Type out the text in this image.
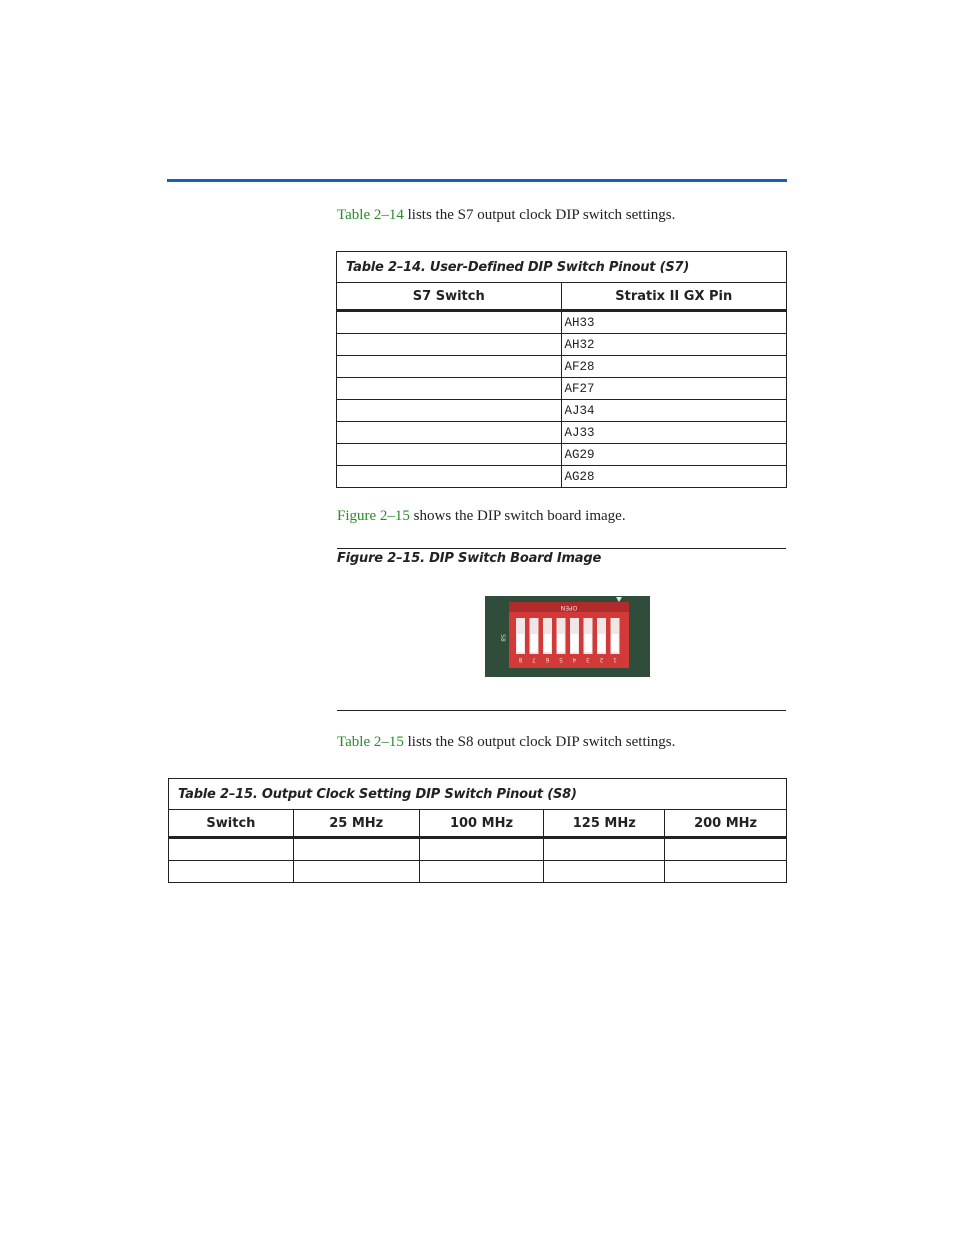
Table 2–14 lists the S7 output clock DIP switch settings.
Table 2–14. User-Defined DIP Switch Pinout (S7)	
S7 Switch	Stratix II GX Pin
	AH33
	AH32
	AF28
	AF27
	AJ34
	AJ33
	AG29
	AG28
Figure 2–15 shows the DIP switch board image.
Figure 2–15. DIP Switch Board Image
OPEN
S8
8 7 6 5 4 3 2 1
Table 2–15 lists the S8 output clock DIP switch settings.
Table 2–15. Output Clock Setting DIP Switch Pinout (S8)				
Switch	25 MHz	100 MHz	125 MHz	200 MHz
